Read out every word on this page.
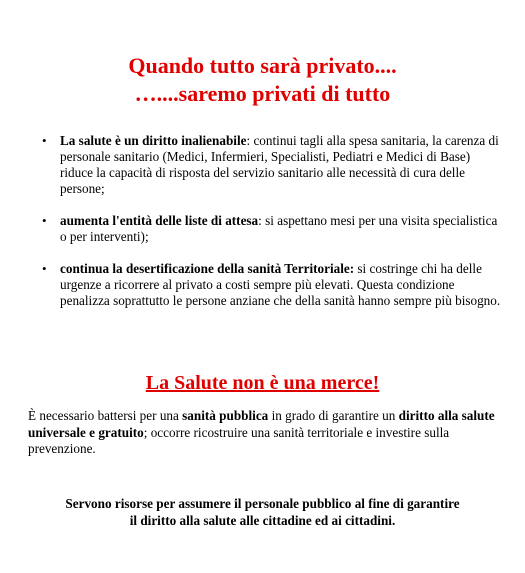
Quando tutto sarà privato....
…....saremo privati di tutto
• La salute è un diritto inalienabile: continui tagli alla spesa sanitaria, la carenza di personale sanitario (Medici, Infermieri, Specialisti, Pediatri e Medici di Base) riduce la capacità di risposta del servizio sanitario alle necessità di cura delle persone;
• aumenta l'entità delle liste di attesa: si aspettano mesi per una visita specialistica o per interventi);
• continua la desertificazione della sanità Territoriale: si costringe chi ha delle urgenze a ricorrere al privato a costi sempre più elevati. Questa condizione penalizza soprattutto le persone anziane che della sanità hanno sempre più bisogno.
La Salute non è una merce!

È necessario battersi per una sanità pubblica in grado di garantire un diritto alla salute universale e gratuito; occorre ricostruire una sanità territoriale e investire sulla prevenzione.

Servono risorse per assumere il personale pubblico al fine di garantire
il diritto alla salute alle cittadine ed ai cittadini.
